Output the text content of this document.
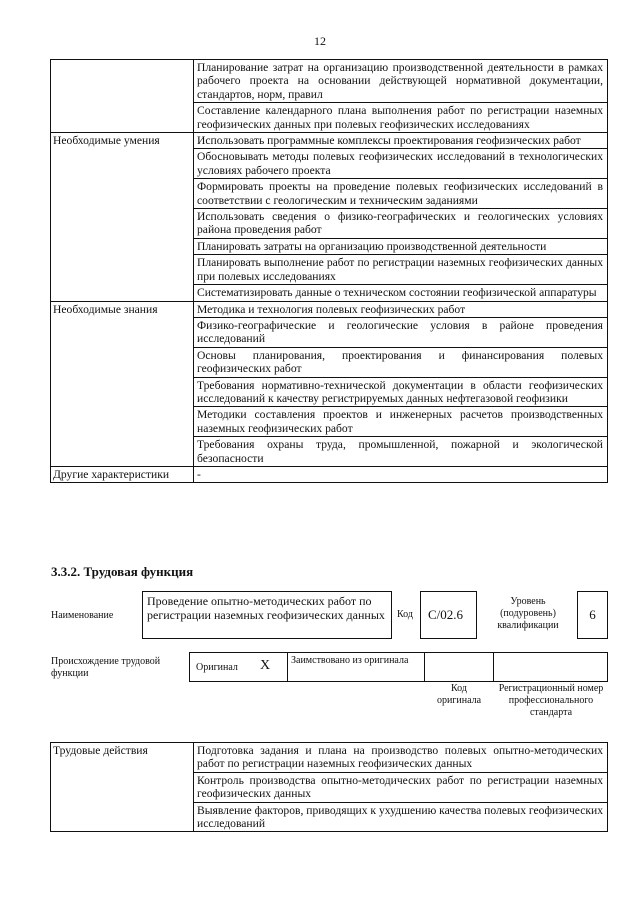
12
	Планирование затрат на организацию производственной деятельности в рамках рабочего проекта на основании действующей нормативной документации, стандартов, норм, правил
	Составление календарного плана выполнения работ по регистрации наземных геофизических данных при полевых геофизических исследованиях
Необходимые умения	Использовать программные комплексы проектирования геофизических работ
	Обосновывать методы полевых геофизических исследований в технологических условиях рабочего проекта
	Формировать проекты на проведение полевых геофизических исследований в соответствии с геологическим и техническим заданиями
	Использовать сведения о физико-географических и геологических условиях района проведения работ
	Планировать затраты на организацию производственной деятельности
	Планировать выполнение работ по регистрации наземных геофизических данных при полевых исследованиях
	Систематизировать данные о техническом состоянии геофизической аппаратуры
Необходимые знания	Методика и технология полевых геофизических работ
	Физико-географические и геологические условия в районе проведения исследований
	Основы планирования, проектирования и финансирования полевых геофизических работ
	Требования нормативно-технической документации в области геофизических исследований к качеству регистрируемых данных нефтегазовой геофизики
	Методики составления проектов и инженерных расчетов производственных наземных геофизических работ
	Требования охраны труда, промышленной, пожарной и экологической безопасности
Другие характеристики	-
3.3.2. Трудовая функция
Наименование
Проведение опытно-методических работ по регистрации наземных геофизических данных	Код	C/02.6
Уровень (подуровень) квалификации
6
Происхождение трудовой функции	Оригинал X	Заимствовано из оригинала
Код оригинала
Регистрационный номер профессионального стандарта
Трудовые действия	Подготовка задания и плана на производство полевых опытно-методических работ по регистрации наземных геофизических данных
Контроль производства опытно-методических работ по регистрации наземных геофизических данных
Выявление факторов, приводящих к ухудшению качества полевых геофизических исследований
